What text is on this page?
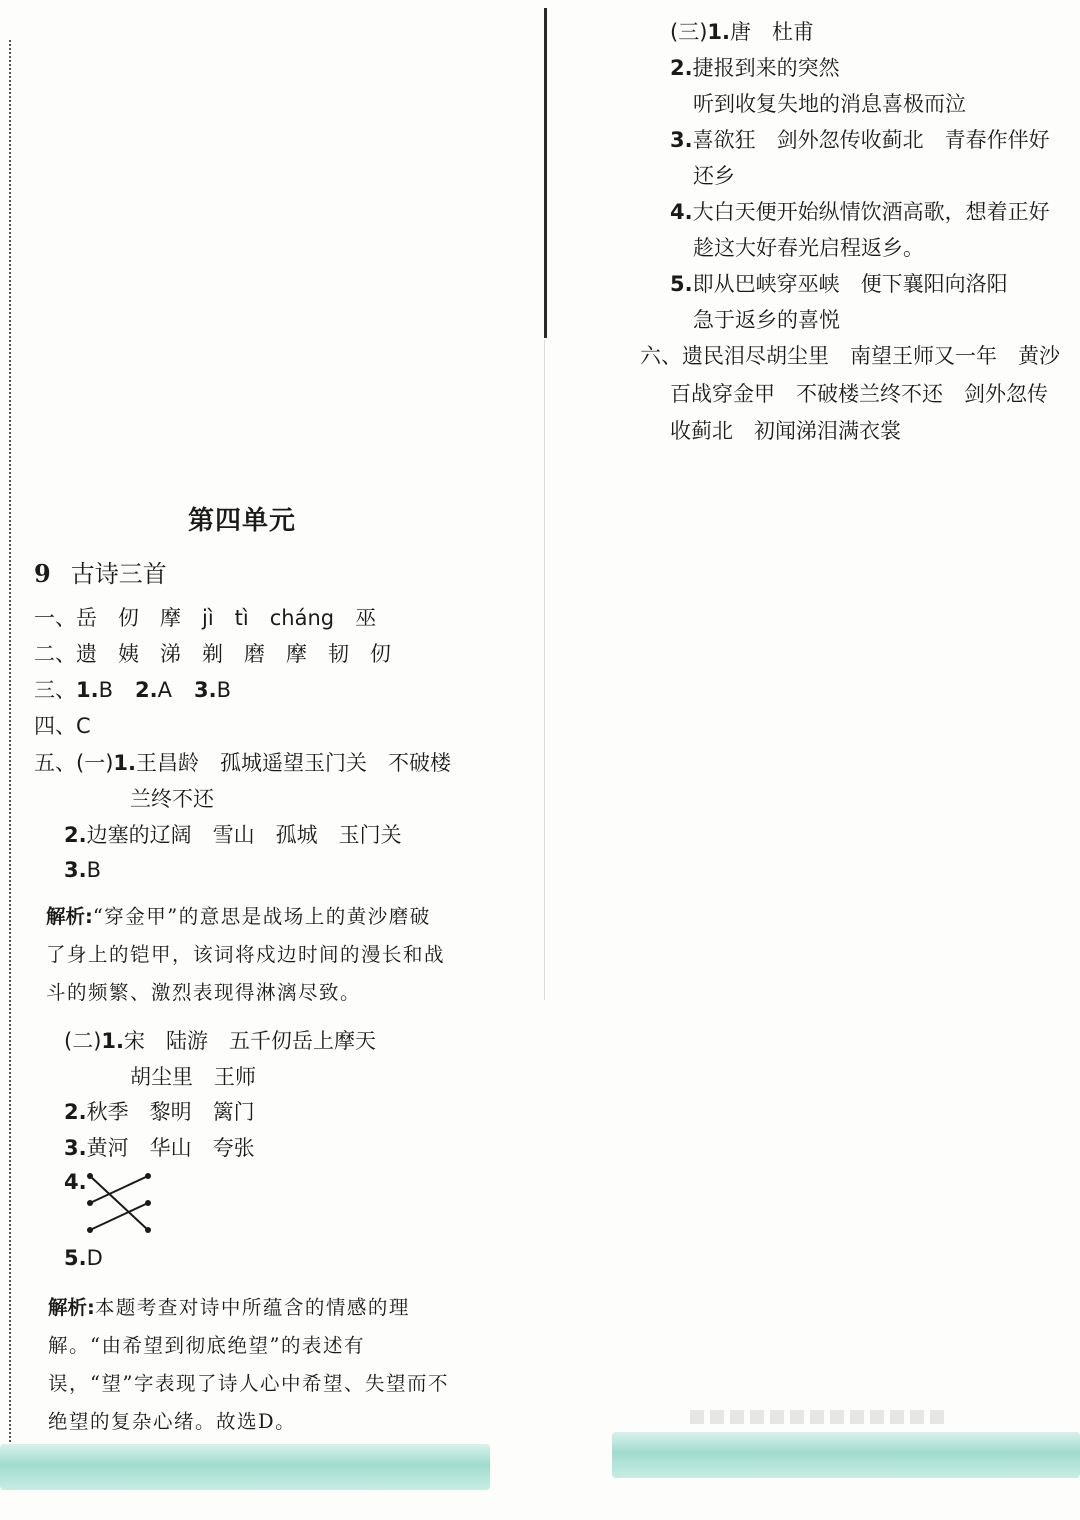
(三)1.唐　杜甫
2.捷报到来的突然
听到收复失地的消息喜极而泣
3.喜欲狂　剑外忽传收蓟北　青春作伴好
还乡
4.大白天便开始纵情饮酒高歌，想着正好
趁这大好春光启程返乡。
5.即从巴峡穿巫峡　便下襄阳向洛阳
急于返乡的喜悦
六、遗民泪尽胡尘里　南望王师又一年　黄沙
百战穿金甲　不破楼兰终不还　剑外忽传
收蓟北　初闻涕泪满衣裳
第四单元
9 古诗三首
一、岳　仞　摩　jì　tì　cháng　巫
二、遗　姨　涕　剃　磨　摩　韧　仞
三、1.B 2.A 3.B
四、C
五、(一)1.王昌龄　孤城遥望玉门关　不破楼
兰终不还
2.边塞的辽阔　雪山　孤城　玉门关
3.B
解析:“穿金甲”的意思是战场上的黄沙磨破了身上的铠甲，该词将戍边时间的漫长和战斗的频繁、激烈表现得淋漓尽致。
(二)1.宋　陆游　五千仞岳上摩天
胡尘里　王师
2.秋季　黎明　篱门
3.黄河　华山　夸张
4.
5.D
解析:本题考查对诗中所蕴含的情感的理解。“由希望到彻底绝望”的表述有误，“望”字表现了诗人心中希望、失望而不绝望的复杂心绪。故选D。
